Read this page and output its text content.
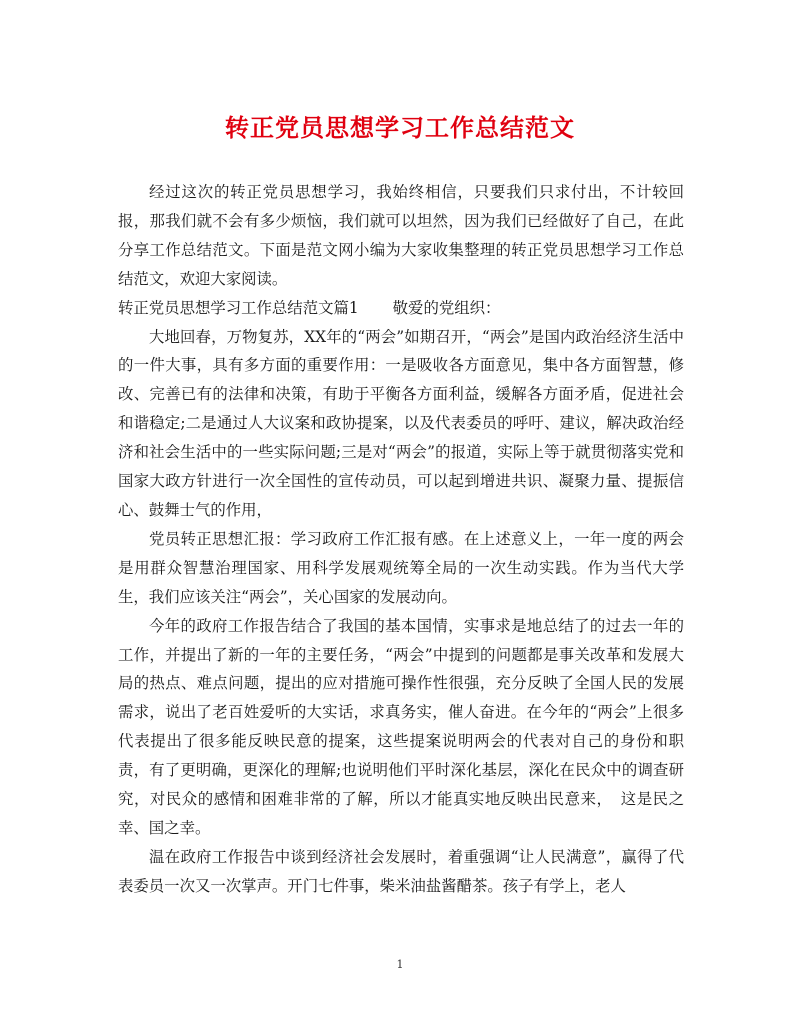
转正党员思想学习工作总结范文

经过这次的转正党员思想学习，我始终相信，只要我们只求付出，不计较回报，那我们就不会有多少烦恼，我们就可以坦然，因为我们已经做好了自己，在此分享工作总结范文。下面是范文网小编为大家收集整理的转正党员思想学习工作总结范文，欢迎大家阅读。

转正党员思想学习工作总结范文篇1 敬爱的党组织：

大地回春，万物复苏，XX年的“两会”如期召开，“两会”是国内政治经济生活中的一件大事，具有多方面的重要作用：一是吸收各方面意见，集中各方面智慧，修改、完善已有的法律和决策，有助于平衡各方面利益，缓解各方面矛盾，促进社会和谐稳定;二是通过人大议案和政协提案，以及代表委员的呼吁、建议，解决政治经济和社会生活中的一些实际问题;三是对“两会”的报道，实际上等于就贯彻落实党和国家大政方针进行一次全国性的宣传动员，可以起到增进共识、凝聚力量、提振信心、鼓舞士气的作用，

党员转正思想汇报：学习政府工作汇报有感。在上述意义上，一年一度的两会是用群众智慧治理国家、用科学发展观统筹全局的一次生动实践。作为当代大学生，我们应该关注“两会”，关心国家的发展动向。

今年的政府工作报告结合了我国的基本国情，实事求是地总结了的过去一年的工作，并提出了新的一年的主要任务，“两会”中提到的问题都是事关改革和发展大局的热点、难点问题，提出的应对措施可操作性很强，充分反映了全国人民的发展需求，说出了老百姓爱听的大实话，求真务实，催人奋进。在今年的“两会”上很多代表提出了很多能反映民意的提案，这些提案说明两会的代表对自己的身份和职责，有了更明确，更深化的理解;也说明他们平时深化基层，深化在民众中的调查研究，对民众的感情和困难非常的了解，所以才能真实地反映出民意来，　这是民之幸、国之幸。

温在政府工作报告中谈到经济社会发展时，着重强调“让人民满意”，赢得了代表委员一次又一次掌声。开门七件事，柴米油盐酱醋茶。孩子有学上，老人

1
